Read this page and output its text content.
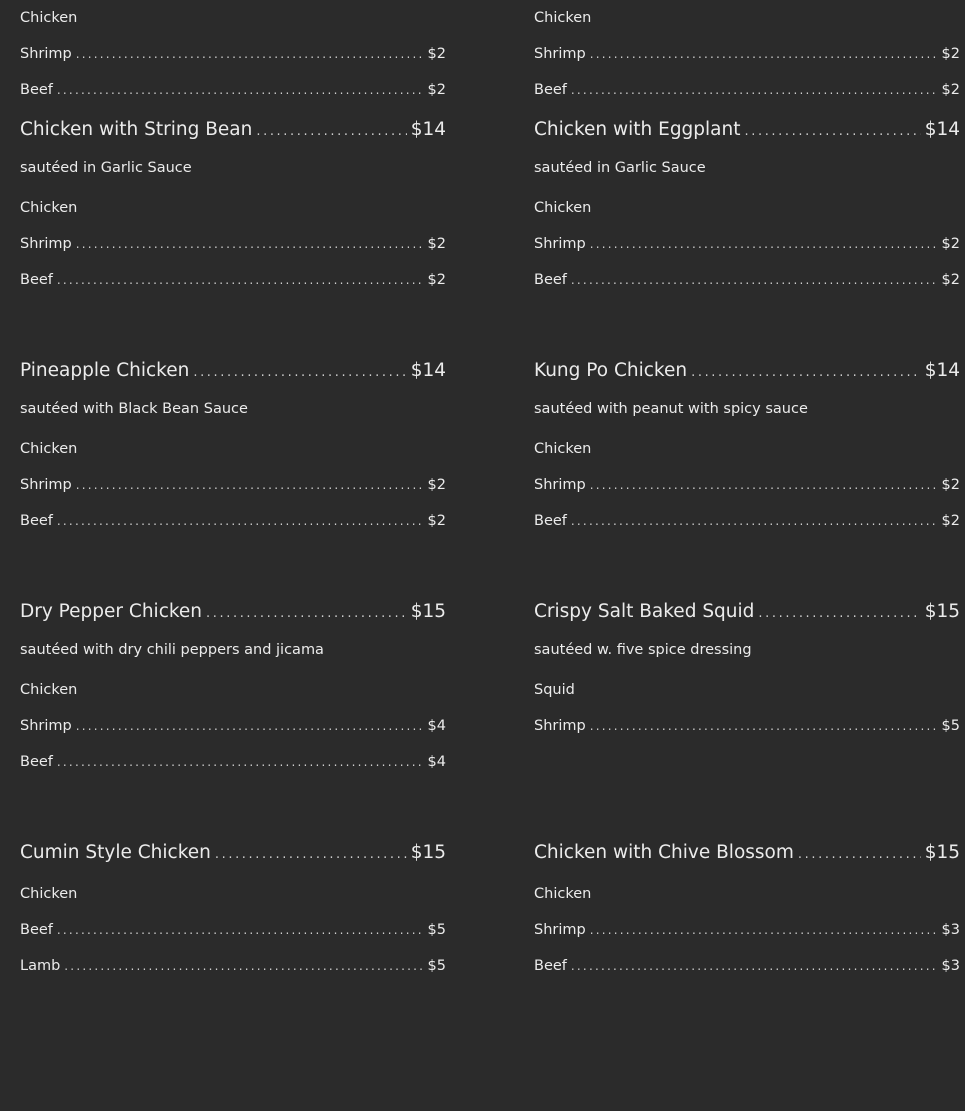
Chicken
Shrimp .....	$2
Beef .....	$2
Chicken with String Bean .....	$14
sautéed in Garlic Sauce
Chicken
Shrimp .....	$2
Beef .....	$2
Pineapple Chicken .....	$14
sautéed with Black Bean Sauce
Chicken
Shrimp .....	$2
Beef .....	$2
Dry Pepper Chicken .....	$15
sautéed with dry chili peppers and jicama
Chicken
Shrimp .....	$4
Beef .....	$4
Cumin Style Chicken .....	$15
Chicken
Beef .....	$5
Lamb .....	$5
Chicken
Shrimp .....	$2
Beef .....	$2
Chicken with Eggplant .....	$14
sautéed in Garlic Sauce
Chicken
Shrimp .....	$2
Beef .....	$2
Kung Po Chicken .....	$14
sautéed with peanut with spicy sauce
Chicken
Shrimp .....	$2
Beef .....	$2
Crispy Salt Baked Squid .....	$15
sautéed w. five spice dressing
Squid
Shrimp .....	$5
Chicken with Chive Blossom .....	$15
Chicken
Shrimp .....	$3
Beef .....	$3
